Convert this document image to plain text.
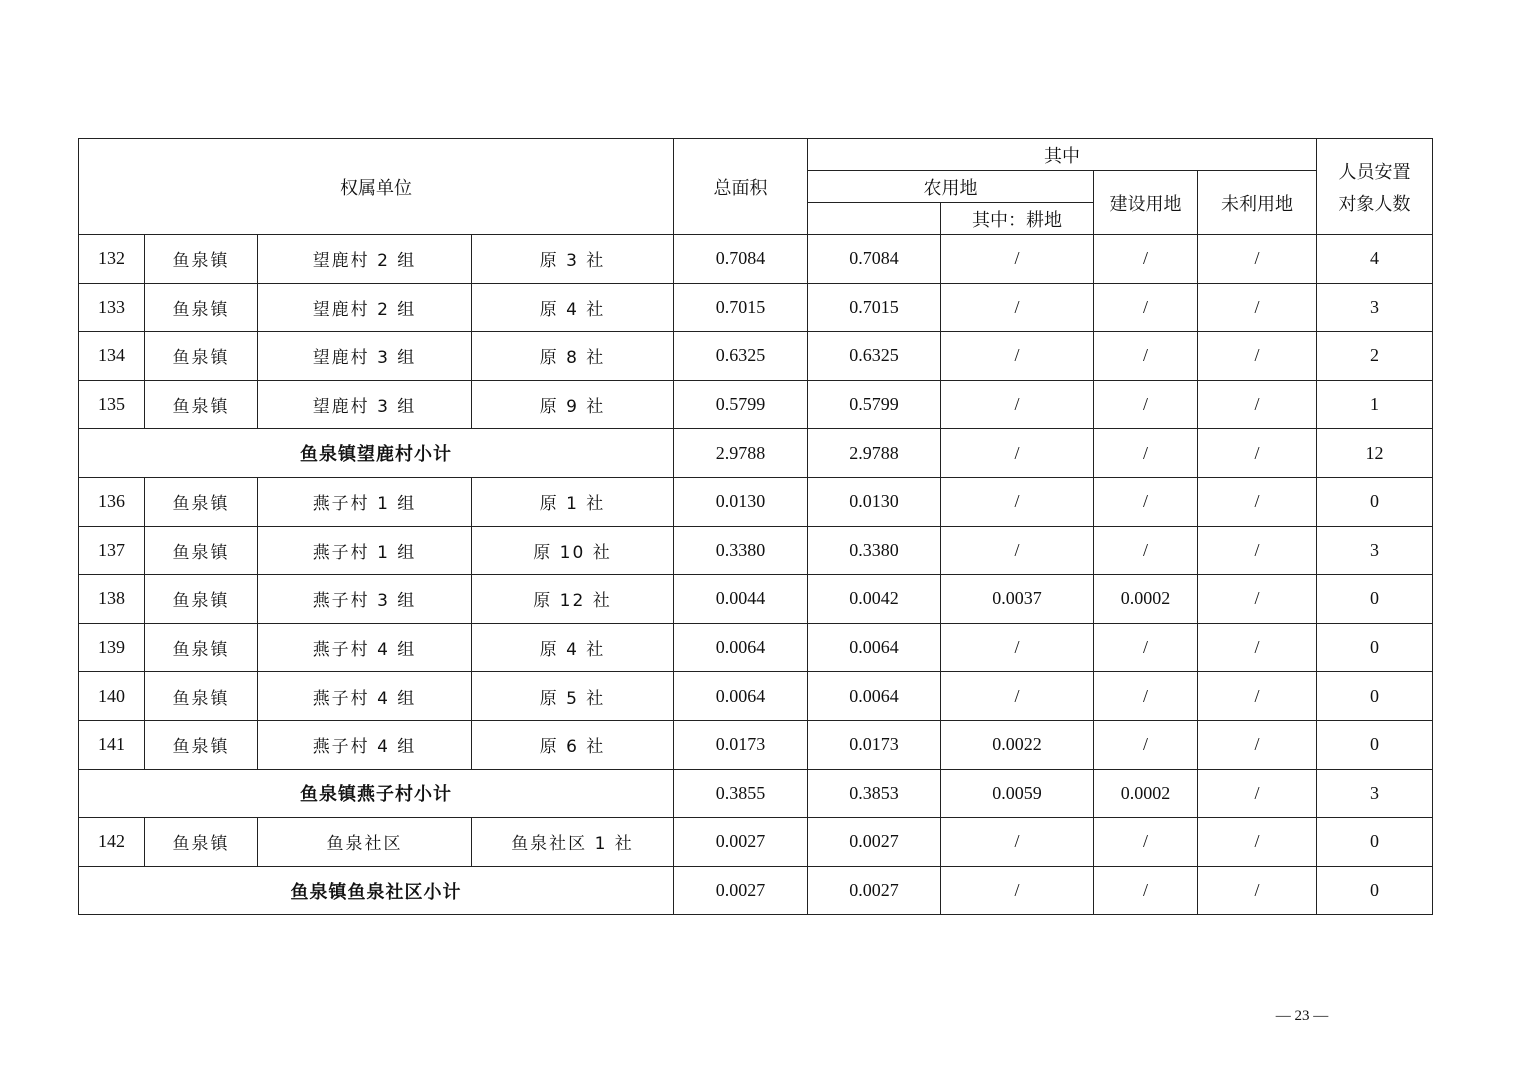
权属单位				总面积	其中				人员安置
对象人数

					农用地		建设用地	未利用地	
						其中：耕地			
132	鱼泉镇	望鹿村 2 组	原 3 社	0.7084	0.7084	/	/	/	4
133	鱼泉镇	望鹿村 2 组	原 4 社	0.7015	0.7015	/	/	/	3
134	鱼泉镇	望鹿村 3 组	原 8 社	0.6325	0.6325	/	/	/	2
135	鱼泉镇	望鹿村 3 组	原 9 社	0.5799	0.5799	/	/	/	1
鱼泉镇望鹿村小计				2.9788	2.9788	/	/	/	12
136	鱼泉镇	燕子村 1 组	原 1 社	0.0130	0.0130	/	/	/	0
137	鱼泉镇	燕子村 1 组	原 10 社	0.3380	0.3380	/	/	/	3
138	鱼泉镇	燕子村 3 组	原 12 社	0.0044	0.0042	0.0037	0.0002	/	0
139	鱼泉镇	燕子村 4 组	原 4 社	0.0064	0.0064	/	/	/	0
140	鱼泉镇	燕子村 4 组	原 5 社	0.0064	0.0064	/	/	/	0
141	鱼泉镇	燕子村 4 组	原 6 社	0.0173	0.0173	0.0022	/	/	0
鱼泉镇燕子村小计				0.3855	0.3853	0.0059	0.0002	/	3
142	鱼泉镇	鱼泉社区	鱼泉社区 1 社	0.0027	0.0027	/	/	/	0
鱼泉镇鱼泉社区小计				0.0027	0.0027	/	/	/	0
— 23 —
